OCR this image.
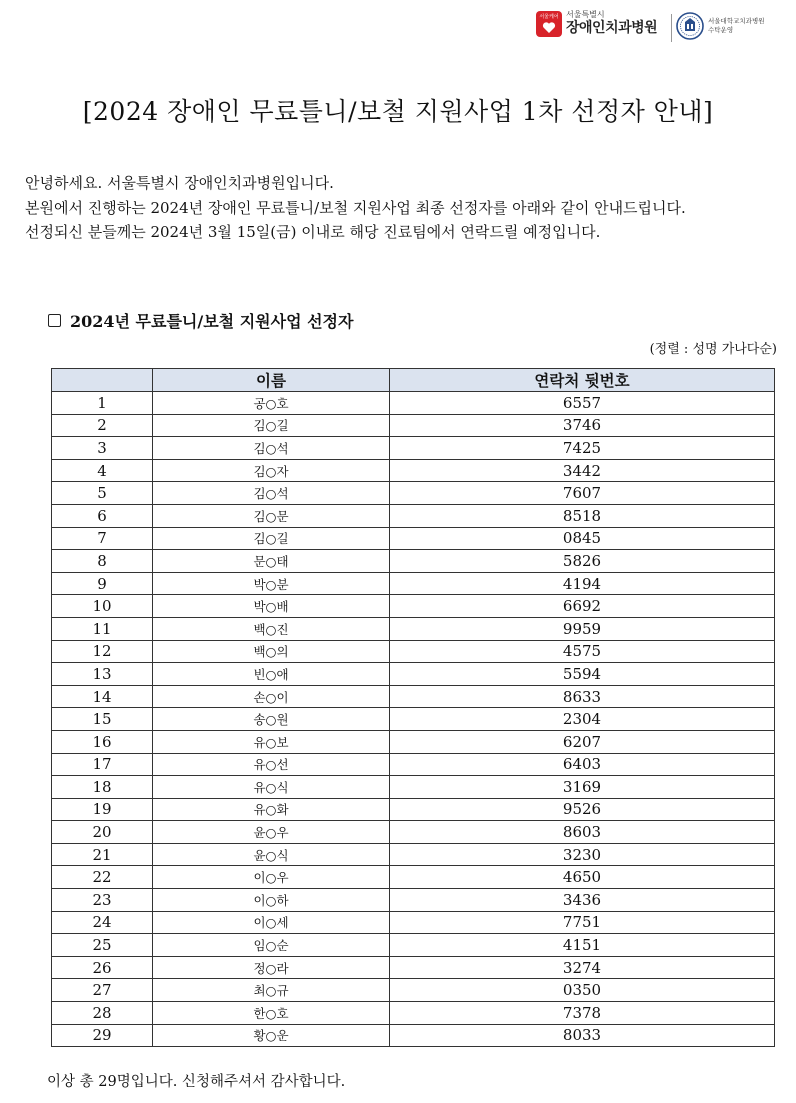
서울케어 서울특별시
장애인치과병원	서울대학교치과병원
수탁운영
[2024 장애인 무료틀니/보철 지원사업 1차 선정자 안내]

안녕하세요. 서울특별시 장애인치과병원입니다.

본원에서 진행하는 2024년 장애인 무료틀니/보철 지원사업 최종 선정자를 아래와 같이 안내드립니다.

선정되신 분들께는 2024년 3월 15일(금) 이내로 해당 진료팀에서 연락드릴 예정입니다.

2024년 무료틀니/보철 지원사업 선정자
(정렬 : 성명 가나다순)
	이름	연락처 뒷번호
1	공○호	6557
2	김○길	3746
3	김○석	7425
4	김○자	3442
5	김○석	7607
6	김○문	8518
7	김○길	0845
8	문○태	5826
9	박○분	4194
10	박○배	6692
11	백○진	9959
12	백○의	4575
13	빈○애	5594
14	손○이	8633
15	송○원	2304
16	유○보	6207
17	유○선	6403
18	유○식	3169
19	유○화	9526
20	윤○우	8603
21	윤○식	3230
22	이○우	4650
23	이○하	3436
24	이○세	7751
25	임○순	4151
26	정○라	3274
27	최○규	0350
28	한○호	7378
29	황○운	8033

이상 총 29명입니다. 신청해주셔서 감사합니다.
